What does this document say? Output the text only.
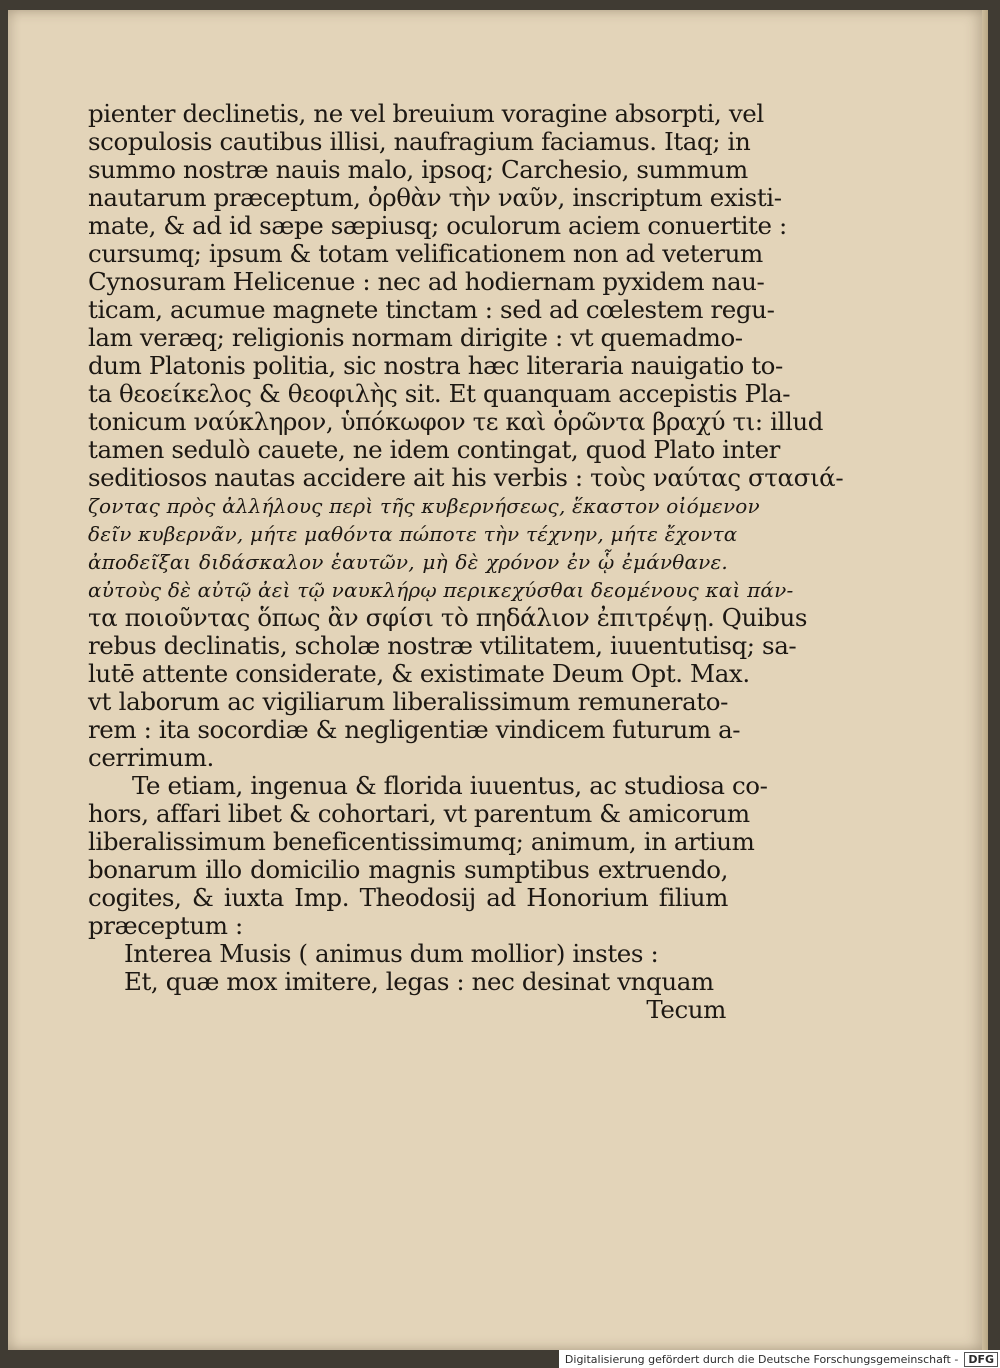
pienter declinetis, ne vel breuium voragine absorpti, vel
scopulosis cautibus illisi, naufragium faciamus. Itaq; in
summo nostræ nauis malo, ipsoq; Carchesio, summum
nautarum præceptum, ὀρθὰν τὴν ναῦν, inscriptum existi-
mate, & ad id sæpe sæpiusq; oculorum aciem conuertite :
cursumq; ipsum & totam velificationem non ad veterum
Cynosuram Helicenue : nec ad hodiernam pyxidem nau-
ticam, acumue magnete tinctam : sed ad cœlestem regu-
lam veræq; religionis normam dirigite : vt quemadmo-
dum Platonis politia, sic nostra hæc literaria nauigatio to-
ta θεοείκελος & θεοφιλὴς sit. Et quanquam accepistis Pla-
tonicum ναύκληρον, ὑπόκωφον τε καὶ ὁρῶντα βραχύ τι: illud
tamen sedulò cauete, ne idem contingat, quod Plato inter
seditiosos nautas accidere ait his verbis : τοὺς ναύτας στασιά-
ζοντας πρὸς ἀλλήλους περὶ τῆς κυβερνήσεως, ἕκαστον οἰόμενον
δεῖν κυβερνᾶν, μήτε μαθόντα πώποτε τὴν τέχνην, μήτε ἔχοντα
ἀποδεῖξαι διδάσκαλον ἑαυτῶν, μὴ δὲ χρόνον ἐν ᾧ ἐμάνθανε.
αὐτοὺς δὲ αὐτῷ ἀεὶ τῷ ναυκλήρῳ περικεχύσθαι δεομένους καὶ πάν-
τα ποιοῦντας ὅπως ἂν σφίσι τὸ πηδάλιον ἐπιτρέψῃ. Quibus
rebus declinatis, scholæ nostræ vtilitatem, iuuentutisq; sa-
lutē attente considerate, & existimate Deum Opt. Max.
vt laborum ac vigiliarum liberalissimum remunerato-
rem : ita socordiæ & negligentiæ vindicem futurum a-
cerrimum.
Te etiam, ingenua & florida iuuentus, ac studiosa co-
hors, affari libet & cohortari, vt parentum & amicorum
liberalissimum beneficentissimumq; animum, in artium
bonarum illo domicilio magnis sumptibus extruendo,
cogites, & iuxta Imp. Theodosij ad Honorium filium
præceptum :
Interea Musis ( animus dum mollior) instes :
Et, quæ mox imitere, legas : nec desinat vnquam
Tecum
Digitalisierung gefördert durch die Deutsche Forschungsgemeinschaft - DFG
